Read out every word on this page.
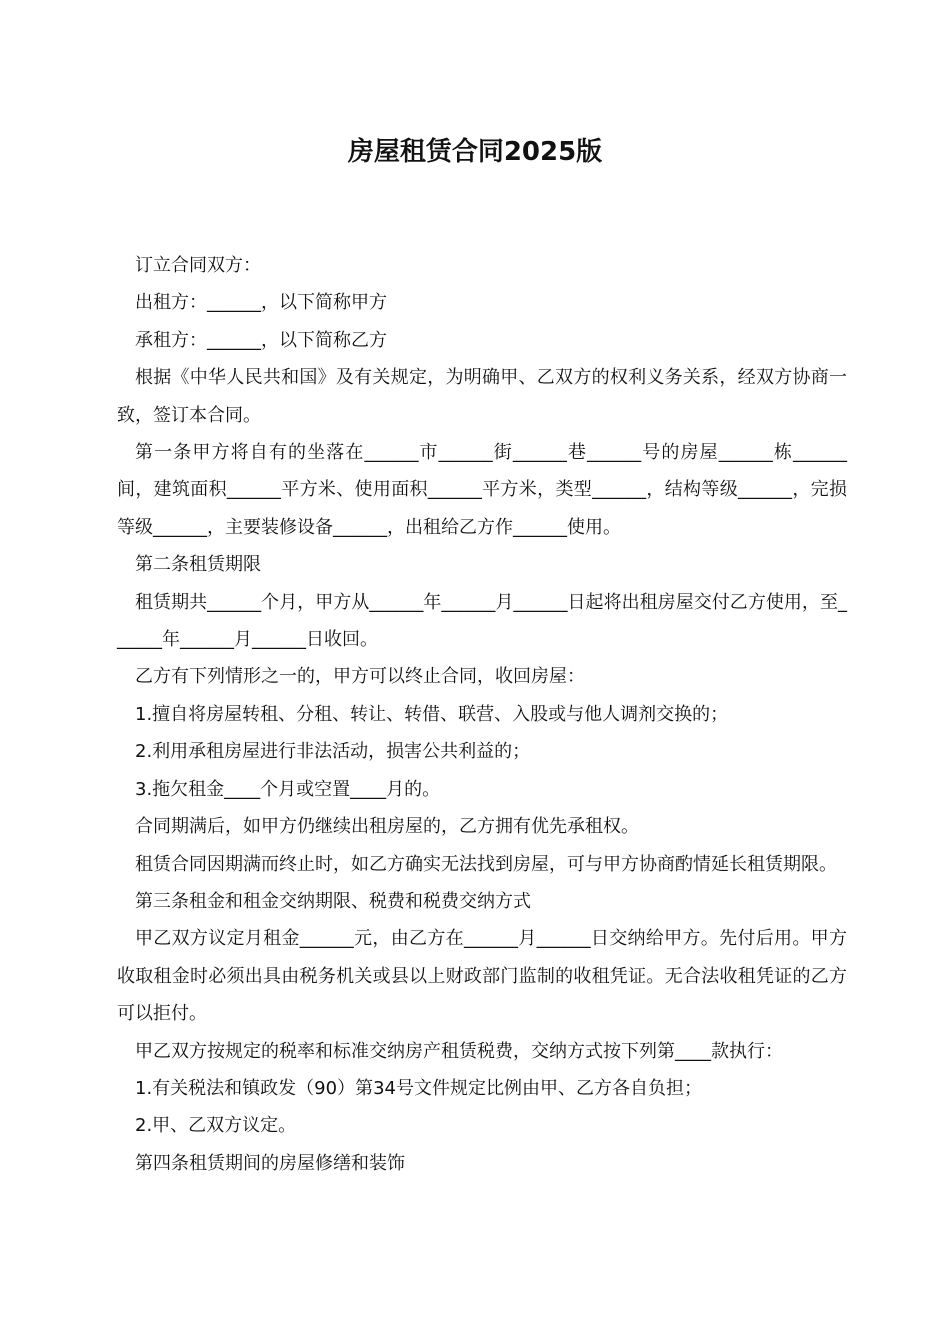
房屋租赁合同2025版

订立合同双方：

出租方：______，以下简称甲方

承租方：______，以下简称乙方

根据《中华人民共和国》及有关规定，为明确甲、乙双方的权利义务关系，经双方协商一致，签订本合同。

第一条甲方将自有的坐落在______市______街______巷______号的房屋______栋______间，建筑面积______平方米、使用面积______平方米，类型______，结构等级______，完损等级______，主要装修设备______，出租给乙方作______使用。

第二条租赁期限

租赁期共______个月，甲方从______年______月______日起将出租房屋交付乙方使用，至______年______月______日收回。

乙方有下列情形之一的，甲方可以终止合同，收回房屋：

1.擅自将房屋转租、分租、转让、转借、联营、入股或与他人调剂交换的；

2.利用承租房屋进行非法活动，损害公共利益的；

3.拖欠租金____个月或空置____月的。

合同期满后，如甲方仍继续出租房屋的，乙方拥有优先承租权。

租赁合同因期满而终止时，如乙方确实无法找到房屋，可与甲方协商酌情延长租赁期限。

第三条租金和租金交纳期限、税费和税费交纳方式

甲乙双方议定月租金______元，由乙方在______月______日交纳给甲方。先付后用。甲方收取租金时必须出具由税务机关或县以上财政部门监制的收租凭证。无合法收租凭证的乙方可以拒付。

甲乙双方按规定的税率和标准交纳房产租赁税费，交纳方式按下列第____款执行：

1.有关税法和镇政发（90）第34号文件规定比例由甲、乙方各自负担；

2.甲、乙双方议定。

第四条租赁期间的房屋修缮和装饰
